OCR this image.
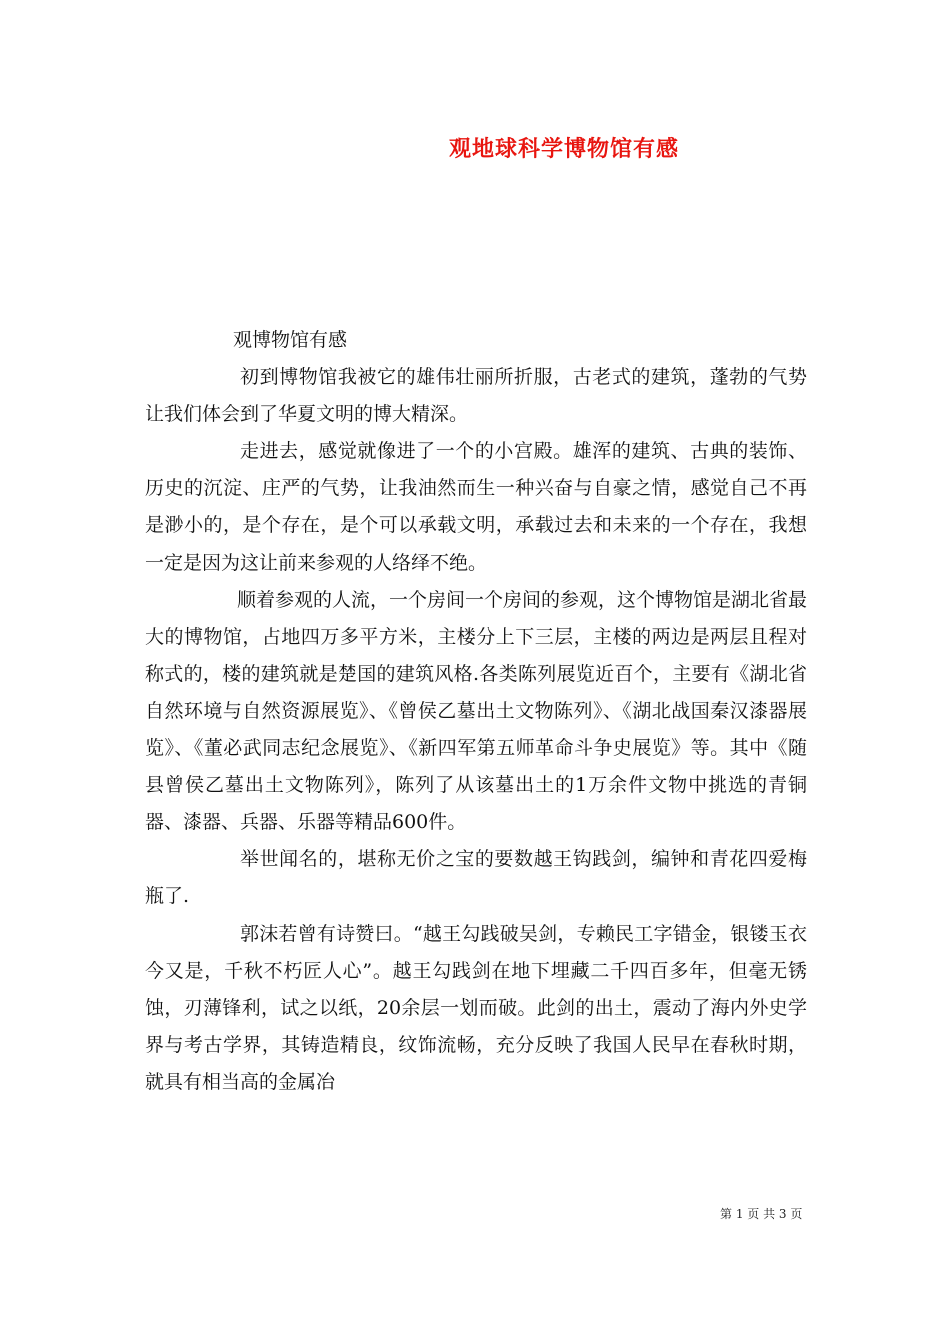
观地球科学博物馆有感

观博物馆有感

初到博物馆我被它的雄伟壮丽所折服，古老式的建筑，蓬勃的气势让我们体会到了华夏文明的博大精深。

走进去，感觉就像进了一个的小宫殿。雄浑的建筑、古典的装饰、历史的沉淀、庄严的气势，让我油然而生一种兴奋与自豪之情，感觉自己不再是渺小的，是个存在，是个可以承载文明，承载过去和未来的一个存在，我想一定是因为这让前来参观的人络绎不绝。

顺着参观的人流，一个房间一个房间的参观，这个博物馆是湖北省最大的博物馆，占地四万多平方米，主楼分上下三层，主楼的两边是两层且程对称式的，楼的建筑就是楚国的建筑风格.各类陈列展览近百个，主要有《湖北省自然环境与自然资源展览》、《曾侯乙墓出土文物陈列》、《湖北战国秦汉漆器展览》、《董必武同志纪念展览》、《新四军第五师革命斗争史展览》等。其中《随县曾侯乙墓出土文物陈列》，陈列了从该墓出土的1万余件文物中挑选的青铜器、漆器、兵器、乐器等精品600件。

举世闻名的，堪称无价之宝的要数越王钩践剑，编钟和青花四爱梅瓶了.

郭沫若曾有诗赞曰。“越王勾践破吴剑，专赖民工字错金，银镂玉衣今又是，千秋不朽匠人心”。越王勾践剑在地下埋藏二千四百多年，但毫无锈蚀，刃薄锋利，试之以纸，20余层一划而破。此剑的出土，震动了海内外史学界与考古学界，其铸造精良，纹饰流畅，充分反映了我国人民早在春秋时期，就具有相当高的金属冶

第 1 页 共 3 页
